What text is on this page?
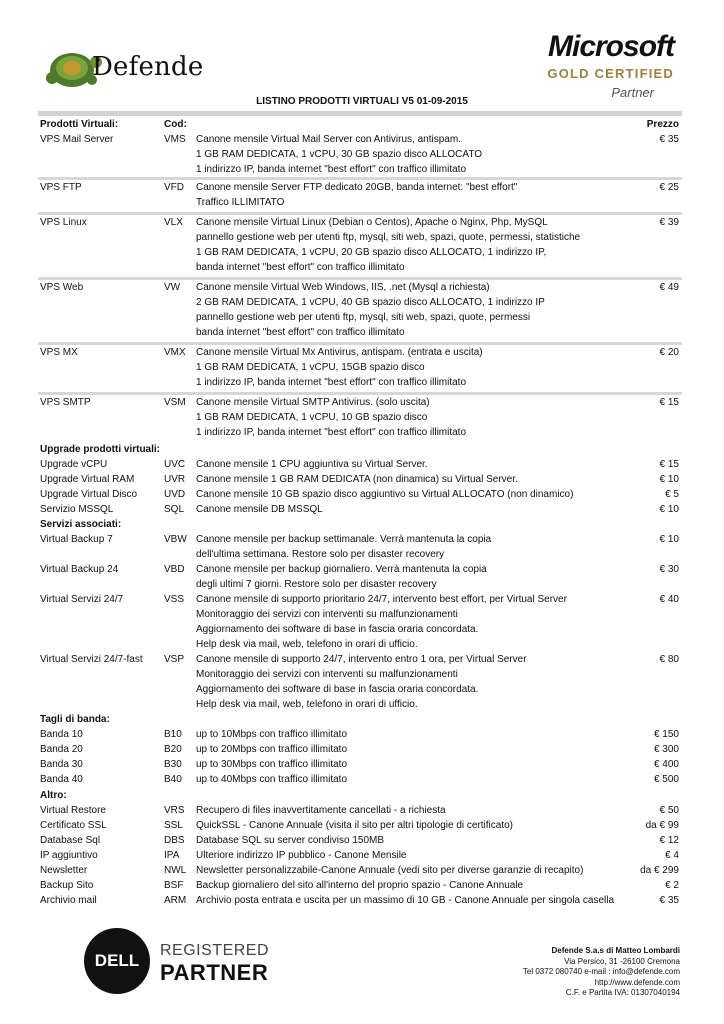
Defende
Microsoft
GOLD CERTIFIED
Partner
LISTINO PRODOTTI VIRTUALI V5 01-09-2015
Prodotti Virtuali:	Cod:	Prezzo
VPS Mail Server	VMS	Canone mensile Virtual Mail Server con Antivirus, antispam.
1 GB RAM DEDICATA, 1 vCPU, 30 GB spazio disco ALLOCATO
1 indirizzo IP, banda internet "best effort" con traffico illimitato
€ 35
VPS FTP	VFD	Canone mensile Server FTP dedicato 20GB, banda internet: "best effort"
Traffico ILLIMITATO
€ 25
VPS Linux	VLX	Canone mensile Virtual Linux (Debian o Centos), Apache o Nginx, Php, MySQL
pannello gestione web per utenti ftp, mysql, siti web, spazi, quote, permessi, statistiche
1 GB RAM DEDICATA, 1 vCPU, 20 GB spazio disco ALLOCATO, 1 indirizzo IP,
banda internet "best effort" con traffico illimitato
€ 39
VPS Web	VW	Canone mensile Virtual Web Windows, IIS, .net (Mysql a richiesta)
2 GB RAM DEDICATA, 1 vCPU, 40 GB spazio disco ALLOCATO, 1 indirizzo IP
pannello gestione web per utenti ftp, mysql, siti web, spazi, quote, permessi
banda internet "best effort" con traffico illimitato
€ 49
VPS MX	VMX	Canone mensile Virtual Mx Antivirus, antispam. (entrata e uscita)
1 GB RAM DEDICATA, 1 vCPU, 15GB spazio disco
1 indirizzo IP, banda internet "best effort" con traffico illimitato
€ 20
VPS SMTP	VSM	Canone mensile Virtual SMTP Antivirus. (solo uscita)
1 GB RAM DEDICATA, 1 vCPU, 10 GB spazio disco
1 indirizzo IP, banda internet "best effort" con traffico illimitato
€ 15
Upgrade prodotti virtuali:
Upgrade vCPU	UVC	Canone mensile 1 CPU aggiuntiva su Virtual Server.	€ 15
Upgrade Virtual RAM	UVR	Canone mensile 1 GB RAM DEDICATA (non dinamica) su Virtual Server.	€ 10
Upgrade Virtual Disco	UVD	Canone mensile 10 GB spazio disco aggiuntivo su Virtual ALLOCATO (non dinamico)	€ 5
Servizio MSSQL	SQL	Canone mensile DB MSSQL	€ 10
Servizi associati:
Virtual Backup 7	VBW Canone mensile per backup settimanale. Verrà mantenuta la copia
dell'ultima settimana. Restore solo per disaster recovery
€ 10
Virtual Backup 24	VBD	Canone mensile per backup giornaliero. Verrà mantenuta la copia
degli ultimi 7 giorni. Restore solo per disaster recovery
€ 30
Virtual Servizi 24/7	VSS	Canone mensile di supporto prioritario 24/7, intervento best effort, per Virtual Server
Monitoraggio dei servizi con interventi su malfunzionamenti
Aggiornamento dei software di base in fascia oraria concordata.
Help desk via mail, web, telefono in orari di ufficio.
€ 40
Virtual Servizi 24/7-fast	VSP	Canone mensile di supporto 24/7, intervento entro 1 ora, per Virtual Server
Monitoraggio dei servizi con interventi su malfunzionamenti
Aggiornamento dei software di base in fascia oraria concordata.
Help desk via mail, web, telefono in orari di ufficio.
€ 80
Tagli di banda:
Banda 10	B10	up to 10Mbps con traffico illimitato	€ 150
Banda 20	B20	up to 20Mbps con traffico illimitato	€ 300
Banda 30	B30	up to 30Mbps con traffico illimitato	€ 400
Banda 40	B40	up to 40Mbps con traffico illimitato	€ 500
Altro:
Virtual Restore	VRS	Recupero di files inavvertitamente cancellati - a richiesta	€ 50
Certificato SSL	SSL	QuickSSL - Canone Annuale (visita il sito per altri tipologie di certificato)	da € 99
Database Sql	DBS	Database SQL su server condiviso 150MB	€ 12
IP aggiuntivo	IPA	Ulteriore indirizzo IP pubblico - Canone Mensile	€ 4
Newsletter	NWL Newsletter personalizzabile-Canone Annuale (vedi sito per diverse garanzie di recapito)	da € 299
Backup Sito	BSF	Backup giornaliero del sito all'interno del proprio spazio - Canone Annuale	€ 2
Archivio mail	ARM Archivio posta entrata e uscita per un massimo di 10 GB - Canone Annuale per singola casella	€ 35
DELL
REGISTERED
PARTNER
Defende S.a.s di Matteo Lombardi
Via Persico, 31 -26100 Cremona
Tel 0372 080740 e-mail : info@defende.com
http://www.defende.com
C.F. e Partita IVA: 01307040194
